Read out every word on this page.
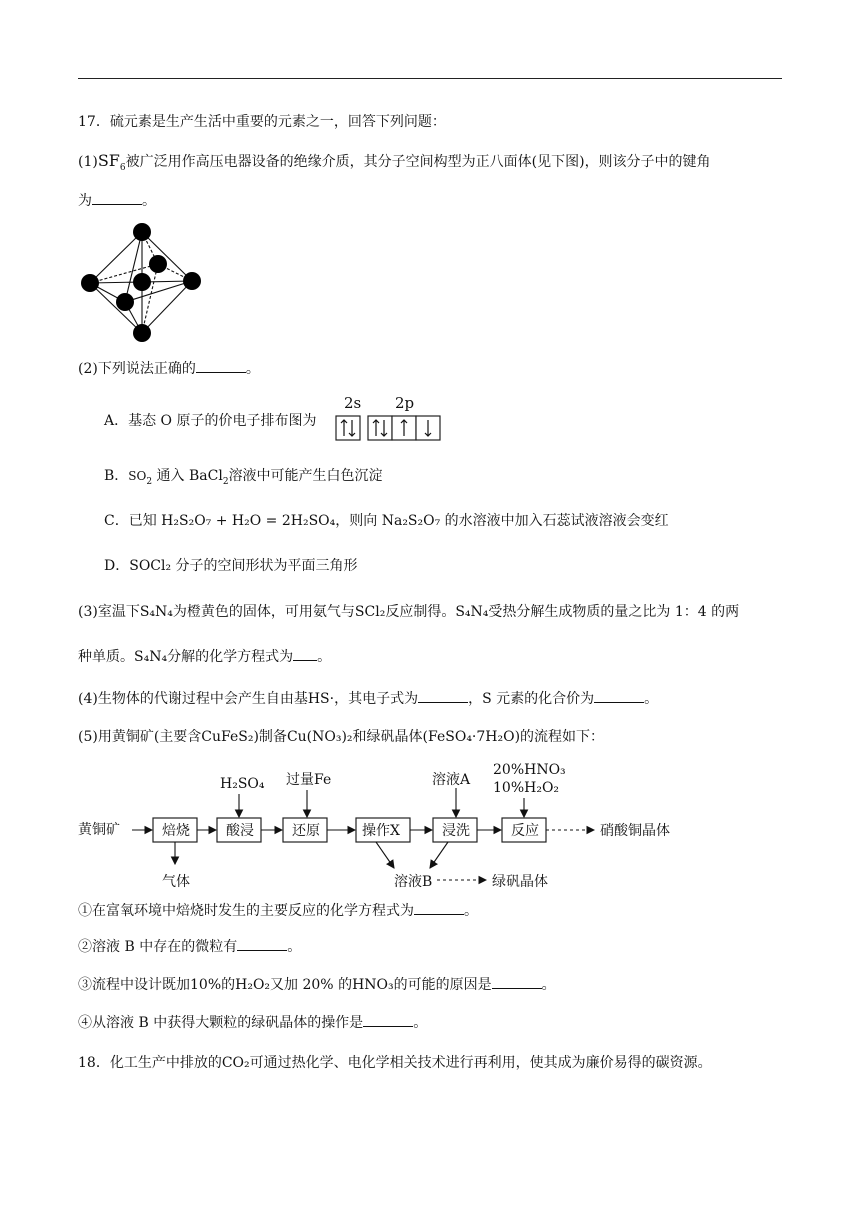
17．硫元素是生产生活中重要的元素之一，回答下列问题：
$(1)SF_6$被广泛用作高压电器设备的绝缘介质，其分子空间构型为正八面体(见下图)，则该分子中的键角
为	。
(2)下列说法正确的	。
A．基态 O 原子的价电子排布图为
2s 2p
B．$SO_2$ 通入 BaCl$_2$溶液中可能产生白色沉淀
C．已知 H₂S₂O₇ + H₂O = 2H₂SO₄，则向 Na₂S₂O₇ 的水溶液中加入石蕊试液溶液会变红
D．SOCl₂ 分子的空间形状为平面三角形
(3)室温下S₄N₄为橙黄色的固体，可用氨气与SCl₂反应制得。S₄N₄受热分解生成物质的量之比为 1：4 的两
种单质。S₄N₄分解的化学方程式为 。
(4)生物体的代谢过程中会产生自由基HS·，其电子式为	，S 元素的化合价为	。
(5)用黄铜矿(主要含CuFeS₂)制备Cu(NO₃)₂和绿矾晶体(FeSO₄·7H₂O)的流程如下：
黄铜矿	焙烧	酸浸	还原	操作X	浸洗	反应	硝酸铜晶体
气体
H₂SO₄ 过量Fe	溶液A
20%HNO₃
10%H₂O₂
溶液B	绿矾晶体
①在富氧环境中焙烧时发生的主要反应的化学方程式为	。
②溶液 B 中存在的微粒有	。
③流程中设计既加10%的H₂O₂又加 20% 的HNO₃的可能的原因是	。
④从溶液 B 中获得大颗粒的绿矾晶体的操作是	。
18．化工生产中排放的CO₂可通过热化学、电化学相关技术进行再利用，使其成为廉价易得的碳资源。
